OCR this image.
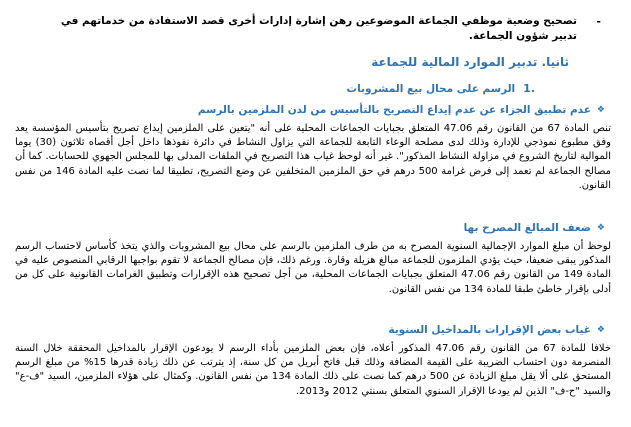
-
تصحيح وضعية موظفي الجماعة الموضوعين رهن إشارة إدارات أخرى قصد الاستفادة من خدماتهم في تدبير شؤون الجماعة.
ثانيا. تدبير الموارد المالية للجماعة
.1
الرسم على محال بيع المشروبات
❖
عدم تطبيق الجزاء عن عدم إيداع التصريح بالتأسيس من لدن الملزمين بالرسم
تنص المادة 67 من القانون رقم 47.06 المتعلق بجبايات الجماعات المحلية على أنه "يتعين على الملزمين إيداع تصريح بتأسيس المؤسسة يعد وفق مطبوع نموذجي للإدارة وذلك لدى مصلحة الوعاء التابعة للجماعة التي يزاول النشاط في دائرة نفوذها داخل أجل أقصاه ثلاثون (30) يوما الموالية لتاريخ الشروع في مزاولة النشاط المذكور". غير أنه لوحظ غياب هذا التصريح في الملفات المدلى بها للمجلس الجهوي للحسابات. كما أن مصالح الجماعة لم تعمد إلى فرض غرامة 500 درهم في حق الملزمين المتخلفين عن وضع التصريح، تطبيقا لما نصت عليه المادة 146 من نفس القانون.
❖
ضعف المبالغ المصرح بها
لوحظ أن مبلغ الموارد الإجمالية السنوية المصرح به من طرف الملزمين بالرسم على محال بيع المشروبات والذي يتخذ كأساس لاحتساب الرسم المذكور يبقى ضعيفا، حيث يؤدي الملزمون للجماعة مبالغ هزيلة وقارة. ورغم ذلك، فإن مصالح الجماعة لا تقوم بواجبها الرقابي المنصوص عليه في المادة 149 من القانون رقم 47.06 المتعلق بجبايات الجماعات المحلية، من أجل تصحيح هذه الإقرارات وتطبيق الغرامات القانونية على كل من أدلى بإقرار خاطئ طبقا للمادة 134 من نفس القانون.
❖
غياب بعض الإقرارات بالمداخيل السنوية
خلافا للمادة 67 من القانون رقم 47.06 المذكور أعلاه، فإن بعض الملزمين بأداء الرسم لا يودعون الإقرار بالمداخيل المحققة خلال السنة المنصرمة دون احتساب الضريبة على القيمة المضافة وذلك قبل فاتح أبريل من كل سنة، إذ يترتب عن ذلك زيادة قدرها 15% من مبلغ الرسم المستحق على ألا يقل مبلغ الزيادة عن 500 درهم كما نصت على ذلك المادة 134 من نفس القانون. وكمثال على هؤلاء الملزمين، السيد "ف-ع" والسيد "ح-ف" الذين لم يودعا الإقرار السنوي المتعلق بسنتي 2012 و2013.
